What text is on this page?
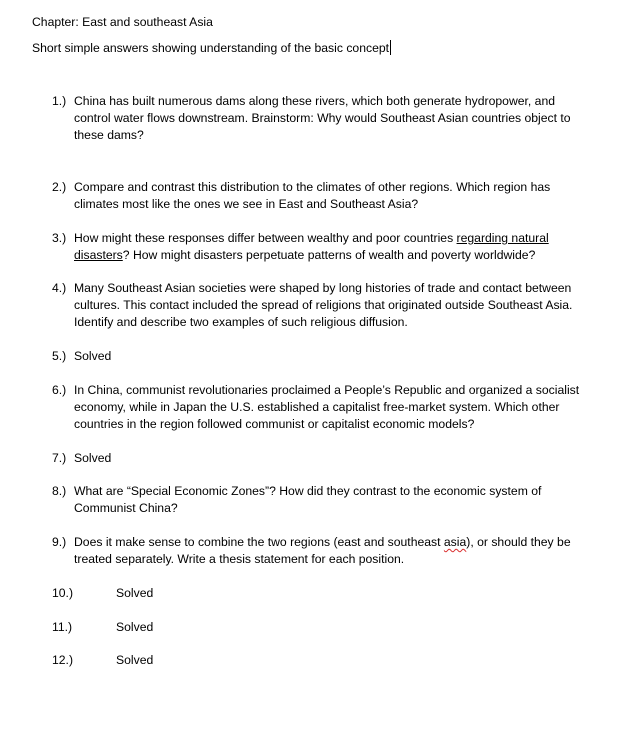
Chapter: East and southeast Asia
Short simple answers showing understanding of the basic concept
1.) China has built numerous dams along these rivers, which both generate hydropower, and control water flows downstream. Brainstorm: Why would Southeast Asian countries object to these dams?
2.) Compare and contrast this distribution to the climates of other regions. Which region has climates most like the ones we see in East and Southeast Asia?
3.) How might these responses differ between wealthy and poor countries regarding natural disasters? How might disasters perpetuate patterns of wealth and poverty worldwide?
4.) Many Southeast Asian societies were shaped by long histories of trade and contact between cultures. This contact included the spread of religions that originated outside Southeast Asia. Identify and describe two examples of such religious diffusion.
5.) Solved
6.) In China, communist revolutionaries proclaimed a People’s Republic and organized a socialist economy, while in Japan the U.S. established a capitalist free-market system. Which other countries in the region followed communist or capitalist economic models?
7.) Solved
8.) What are “Special Economic Zones”? How did they contrast to the economic system of Communist China?
9.) Does it make sense to combine the two regions (east and southeast asia), or should they be treated separately. Write a thesis statement for each position.
10.)	Solved
11.)	Solved
12.)	Solved
